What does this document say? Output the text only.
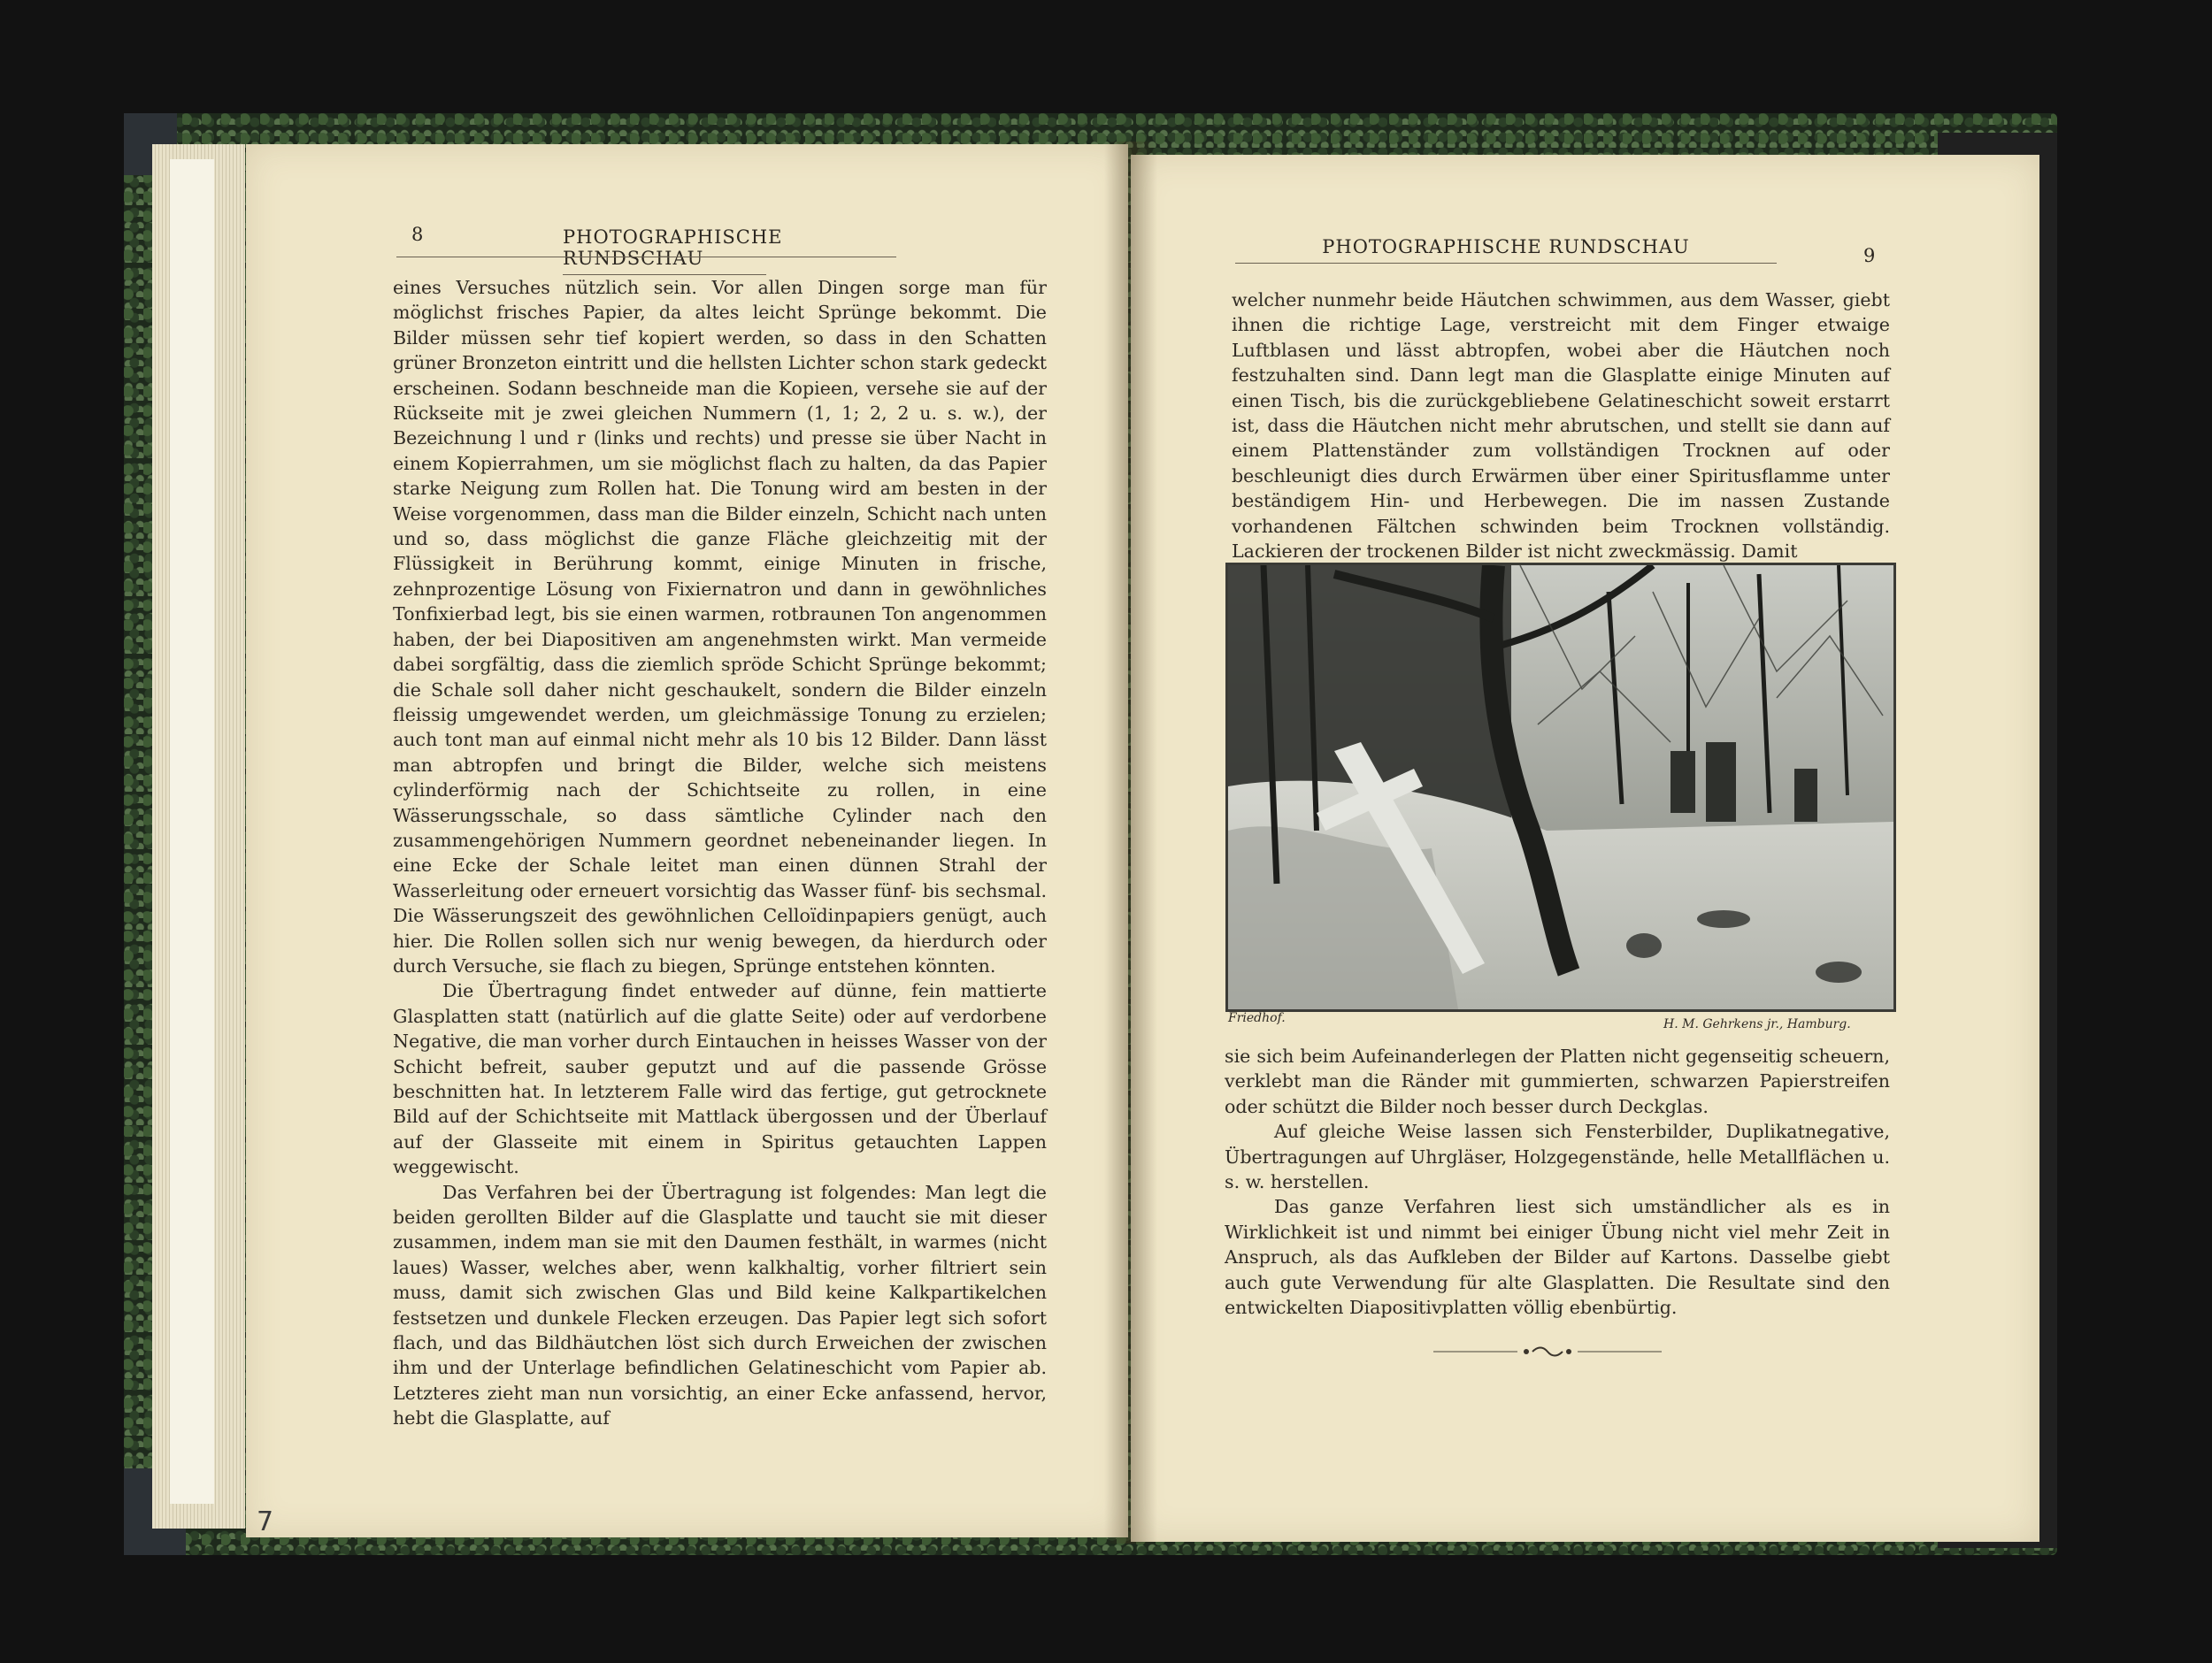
8	PHOTOGRAPHISCHE RUNDSCHAU

eines Versuches nützlich sein. Vor allen Dingen sorge man für möglichst frisches Papier, da altes leicht Sprünge bekommt. Die Bilder müssen sehr tief kopiert werden, so dass in den Schatten grüner Bronzeton eintritt und die hellsten Lichter schon stark gedeckt erscheinen. Sodann beschneide man die Kopieen, versehe sie auf der Rückseite mit je zwei gleichen Nummern (1, 1; 2, 2 u. s. w.), der Bezeichnung l und r (links und rechts) und presse sie über Nacht in einem Kopierrahmen, um sie möglichst flach zu halten, da das Papier starke Neigung zum Rollen hat. Die Tonung wird am besten in der Weise vorgenommen, dass man die Bilder einzeln, Schicht nach unten und so, dass möglichst die ganze Fläche gleichzeitig mit der Flüssigkeit in Berührung kommt, einige Minuten in frische, zehnprozentige Lösung von Fixiernatron und dann in gewöhnliches Tonfixierbad legt, bis sie einen warmen, rotbraunen Ton angenommen haben, der bei Diapositiven am angenehmsten wirkt. Man vermeide dabei sorgfältig, dass die ziemlich spröde Schicht Sprünge bekommt; die Schale soll daher nicht geschaukelt, sondern die Bilder einzeln fleissig umgewendet werden, um gleichmässige Tonung zu erzielen; auch tont man auf einmal nicht mehr als 10 bis 12 Bilder. Dann lässt man abtropfen und bringt die Bilder, welche sich meistens cylinderförmig nach der Schichtseite zu rollen, in eine Wässerungsschale, so dass sämtliche Cylinder nach den zusammengehörigen Nummern geordnet nebeneinander liegen. In eine Ecke der Schale leitet man einen dünnen Strahl der Wasserleitung oder erneuert vorsichtig das Wasser fünf- bis sechsmal. Die Wässerungszeit des gewöhnlichen Celloïdinpapiers genügt, auch hier. Die Rollen sollen sich nur wenig bewegen, da hierdurch oder durch Versuche, sie flach zu biegen, Sprünge entstehen könnten.

Die Übertragung findet entweder auf dünne, fein mattierte Glasplatten statt (natürlich auf die glatte Seite) oder auf verdorbene Negative, die man vorher durch Eintauchen in heisses Wasser von der Schicht befreit, sauber geputzt und auf die passende Grösse beschnitten hat. In letzterem Falle wird das fertige, gut getrocknete Bild auf der Schichtseite mit Mattlack übergossen und der Überlauf auf der Glasseite mit einem in Spiritus getauchten Lappen weggewischt.

Das Verfahren bei der Übertragung ist folgendes: Man legt die beiden gerollten Bilder auf die Glasplatte und taucht sie mit dieser zusammen, indem man sie mit den Daumen festhält, in warmes (nicht laues) Wasser, welches aber, wenn kalkhaltig, vorher filtriert sein muss, damit sich zwischen Glas und Bild keine Kalkpartikelchen festsetzen und dunkele Flecken erzeugen. Das Papier legt sich sofort flach, und das Bildhäutchen löst sich durch Erweichen der zwischen ihm und der Unterlage befindlichen Gelatineschicht vom Papier ab. Letzteres zieht man nun vorsichtig, an einer Ecke anfassend, hervor, hebt die Glasplatte, auf

7
PHOTOGRAPHISCHE RUNDSCHAU	9

welcher nunmehr beide Häutchen schwimmen, aus dem Wasser, giebt ihnen die richtige Lage, verstreicht mit dem Finger etwaige Luftblasen und lässt abtropfen, wobei aber die Häutchen noch festzuhalten sind. Dann legt man die Glasplatte einige Minuten auf einen Tisch, bis die zurückgebliebene Gelatineschicht soweit erstarrt ist, dass die Häutchen nicht mehr abrutschen, und stellt sie dann auf einem Plattenständer zum vollständigen Trocknen auf oder beschleunigt dies durch Erwärmen über einer Spiritusflamme unter beständigem Hin- und Herbewegen. Die im nassen Zustande vorhandenen Fältchen schwinden beim Trocknen vollständig. Lackieren der trockenen Bilder ist nicht zweckmässig. Damit

sie sich beim Aufeinanderlegen der Platten nicht gegenseitig scheuern, verklebt man die Ränder mit gummierten, schwarzen Papierstreifen oder schützt die Bilder noch besser durch Deckglas.

Auf gleiche Weise lassen sich Fensterbilder, Duplikatnegative, Übertragungen auf Uhrgläser, Holzgegenstände, helle Metallflächen u. s. w. herstellen.

Das ganze Verfahren liest sich umständlicher als es in Wirklichkeit ist und nimmt bei einiger Übung nicht viel mehr Zeit in Anspruch, als das Aufkleben der Bilder auf Kartons. Dasselbe giebt auch gute Verwendung für alte Glasplatten. Die Resultate sind den entwickelten Diapositivplatten völlig ebenbürtig.

Friedhof.	H. M. Gehrkens jr., Hamburg.
